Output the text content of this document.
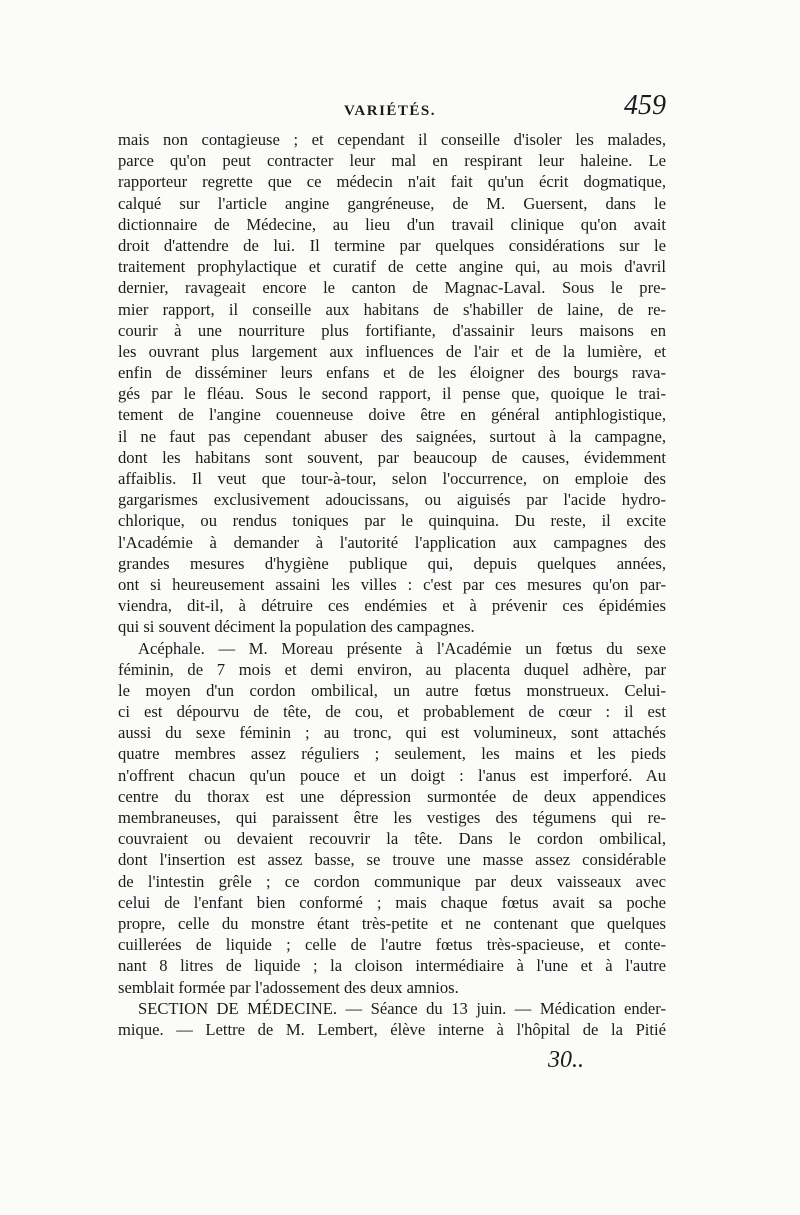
VARIÉTÉS.	459
mais non contagieuse ; et cependant il conseille d'isoler les malades,
parce qu'on peut contracter leur mal en respirant leur haleine. Le
rapporteur regrette que ce médecin n'ait fait qu'un écrit dogmatique,
calqué sur l'article angine gangréneuse, de M. Guersent, dans le
dictionnaire de Médecine, au lieu d'un travail clinique qu'on avait
droit d'attendre de lui. Il termine par quelques considérations sur le
traitement prophylactique et curatif de cette angine qui, au mois d'avril
dernier, ravageait encore le canton de Magnac-Laval. Sous le pre-
mier rapport, il conseille aux habitans de s'habiller de laine, de re-
courir à une nourriture plus fortifiante, d'assainir leurs maisons en
les ouvrant plus largement aux influences de l'air et de la lumière, et
enfin de disséminer leurs enfans et de les éloigner des bourgs rava-
gés par le fléau. Sous le second rapport, il pense que, quoique le trai-
tement de l'angine couenneuse doive être en général antiphlogistique,
il ne faut pas cependant abuser des saignées, surtout à la campagne,
dont les habitans sont souvent, par beaucoup de causes, évidemment
affaiblis. Il veut que tour-à-tour, selon l'occurrence, on emploie des
gargarismes exclusivement adoucissans, ou aiguisés par l'acide hydro-
chlorique, ou rendus toniques par le quinquina. Du reste, il excite
l'Académie à demander à l'autorité l'application aux campagnes des
grandes mesures d'hygiène publique qui, depuis quelques années,
ont si heureusement assaini les villes : c'est par ces mesures qu'on par-
viendra, dit-il, à détruire ces endémies et à prévenir ces épidémies
qui si souvent déciment la population des campagnes.
Acéphale. — M. Moreau présente à l'Académie un fœtus du sexe
féminin, de 7 mois et demi environ, au placenta duquel adhère, par
le moyen d'un cordon ombilical, un autre fœtus monstrueux. Celui-
ci est dépourvu de tête, de cou, et probablement de cœur : il est
aussi du sexe féminin ; au tronc, qui est volumineux, sont attachés
quatre membres assez réguliers ; seulement, les mains et les pieds
n'offrent chacun qu'un pouce et un doigt : l'anus est imperforé. Au
centre du thorax est une dépression surmontée de deux appendices
membraneuses, qui paraissent être les vestiges des tégumens qui re-
couvraient ou devaient recouvrir la tête. Dans le cordon ombilical,
dont l'insertion est assez basse, se trouve une masse assez considérable
de l'intestin grêle ; ce cordon communique par deux vaisseaux avec
celui de l'enfant bien conformé ; mais chaque fœtus avait sa poche
propre, celle du monstre étant très-petite et ne contenant que quelques
cuillerées de liquide ; celle de l'autre fœtus très-spacieuse, et conte-
nant 8 litres de liquide ; la cloison intermédiaire à l'une et à l'autre
semblait formée par l'adossement des deux amnios.
SECTION DE MÉDECINE. — Séance du 13 juin. — Médication ender-
mique. — Lettre de M. Lembert, élève interne à l'hôpital de la Pitié
30..
